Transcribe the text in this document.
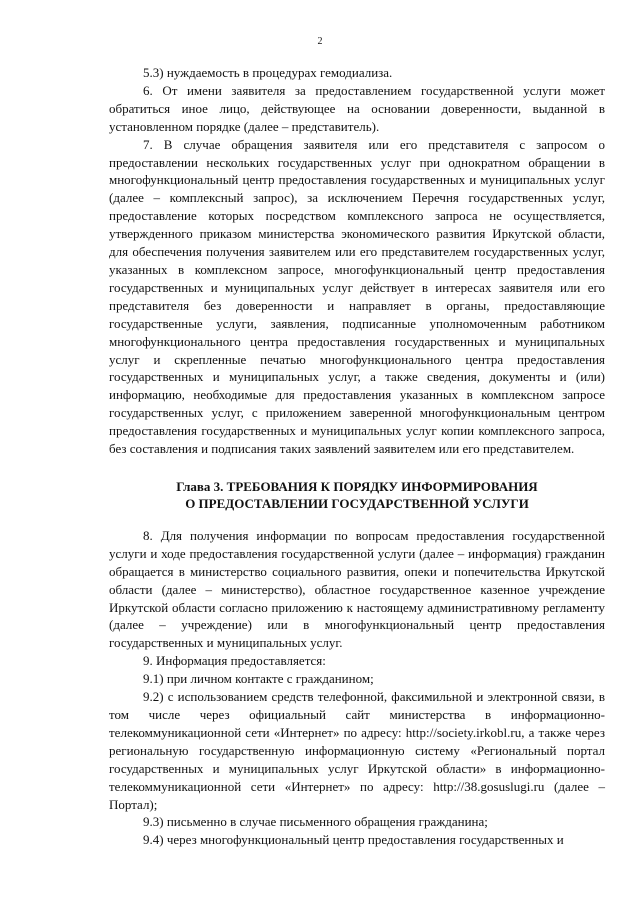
2

5.3) нуждаемость в процедурах гемодиализа.

6. От имени заявителя за предоставлением государственной услуги может обратиться иное лицо, действующее на основании доверенности, выданной в установленном порядке (далее – представитель).

7. В случае обращения заявителя или его представителя с запросом о предоставлении нескольких государственных услуг при однократном обращении в многофункциональный центр предоставления государственных и муниципальных услуг (далее – комплексный запрос), за исключением Перечня государственных услуг, предоставление которых посредством комплексного запроса не осуществляется, утвержденного приказом министерства экономического развития Иркутской области, для обеспечения получения заявителем или его представителем государственных услуг, указанных в комплексном запросе, многофункциональный центр предоставления государственных и муниципальных услуг действует в интересах заявителя или его представителя без доверенности и направляет в органы, предоставляющие государственные услуги, заявления, подписанные уполномоченным работником многофункционального центра предоставления государственных и муниципальных услуг и скрепленные печатью многофункционального центра предоставления государственных и муниципальных услуг, а также сведения, документы и (или) информацию, необходимые для предоставления указанных в комплексном запросе государственных услуг, с приложением заверенной многофункциональным центром предоставления государственных и муниципальных услуг копии комплексного запроса, без составления и подписания таких заявлений заявителем или его представителем.

Глава 3. ТРЕБОВАНИЯ К ПОРЯДКУ ИНФОРМИРОВАНИЯ
О ПРЕДОСТАВЛЕНИИ ГОСУДАРСТВЕННОЙ УСЛУГИ

8. Для получения информации по вопросам предоставления государственной услуги и ходе предоставления государственной услуги (далее – информация) гражданин обращается в министерство социального развития, опеки и попечительства Иркутской области (далее – министерство), областное государственное казенное учреждение Иркутской области согласно приложению к настоящему административному регламенту (далее – учреждение) или в многофункциональный центр предоставления государственных и муниципальных услуг.

9. Информация предоставляется:

9.1) при личном контакте с гражданином;

9.2) с использованием средств телефонной, факсимильной и электронной связи, в том числе через официальный сайт министерства в информационно-телекоммуникационной сети «Интернет» по адресу: http://society.irkobl.ru, а также через региональную государственную информационную систему «Региональный портал государственных и муниципальных услуг Иркутской области» в информационно-телекоммуникационной сети «Интернет» по адресу: http://38.gosuslugi.ru (далее – Портал);

9.3) письменно в случае письменного обращения гражданина;

9.4) через многофункциональный центр предоставления государственных и
